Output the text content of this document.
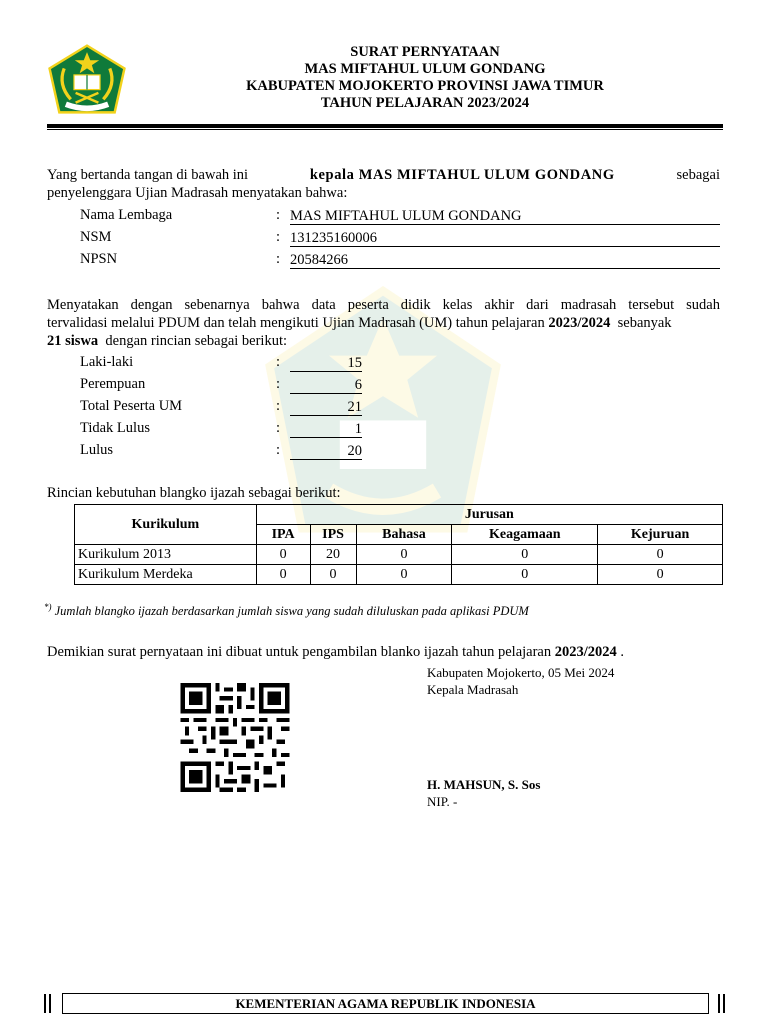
SURAT PERNYATAAN
MAS MIFTAHUL ULUM GONDANG
KABUPATEN MOJOKERTO PROVINSI JAWA TIMUR
TAHUN PELAJARAN 2023/2024
Yang bertanda tangan di bawah ini	kepala MAS MIFTAHUL ULUM GONDANG	sebagai
penyelenggara Ujian Madrasah menyatakan bahwa:
Nama Lembaga	: MAS MIFTAHUL ULUM GONDANG
NSM	: 131235160006
NPSN	: 20584266
Menyatakan dengan sebenarnya bahwa data peserta didik kelas akhir dari madrasah tersebut sudah
tervalidasi melalui PDUM dan telah mengikuti Ujian Madrasah (UM) tahun pelajaran 2023/2024 sebanyak
21 siswa dengan rincian sebagai berikut:
Laki-laki	:	15
Perempuan	:	6
Total Peserta UM	:	21
Tidak Lulus	:	1
Lulus	:	20
Rincian kebutuhan blangko ijazah sebagai berikut:
Kurikulum	Jurusan				
	IPA	IPS	Bahasa	Keagamaan	Kejuruan
Kurikulum 2013	0	20	0	0	0
Kurikulum Merdeka	0	0	0	0	0
*) Jumlah blangko ijazah berdasarkan jumlah siswa yang sudah diluluskan pada aplikasi PDUM
Demikian surat pernyataan ini dibuat untuk pengambilan blanko ijazah tahun pelajaran 2023/2024 .
Kabupaten Mojokerto, 05 Mei 2024
Kepala Madrasah
H. MAHSUN, S. Sos
NIP. -
KEMENTERIAN AGAMA REPUBLIK INDONESIA
